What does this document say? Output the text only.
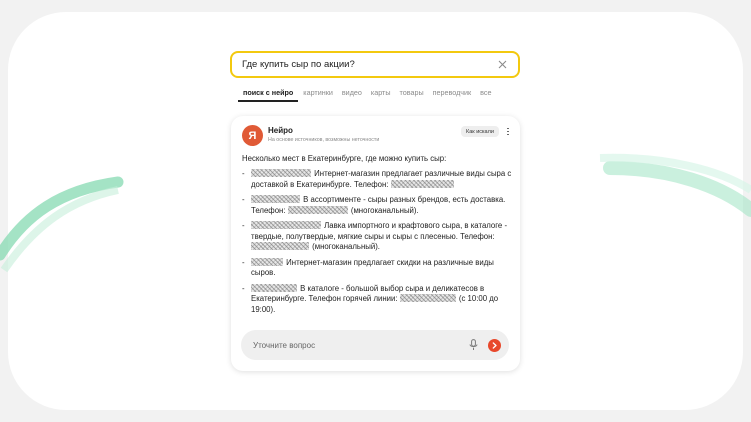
Где купить сыр по акции?
поиск с нейро картинки видео карты товары переводчик все
Я Нейро
На основе источников, возможны неточности
Как искали
Несколько мест в Екатеринбурге, где можно купить сыр:
-	Интернет-магазин предлагает различные виды сыра с доставкой в Екатеринбурге. Телефон:
-	В ассортименте - сыры разных брендов, есть доставка. Телефон:	(многоканальный).
-	Лавка импортного и крафтового сыра, в каталоге - твердые, полутвердые, мягкие сыры и сыры с плесенью. Телефон:  (многоканальный).
-	Интернет-магазин предлагает скидки на различные виды сыров.
-	В каталоге - большой выбор сыра и деликатесов в Екатеринбурге. Телефон горячей линии:	(с 10:00 до 19:00).
Уточните вопрос
